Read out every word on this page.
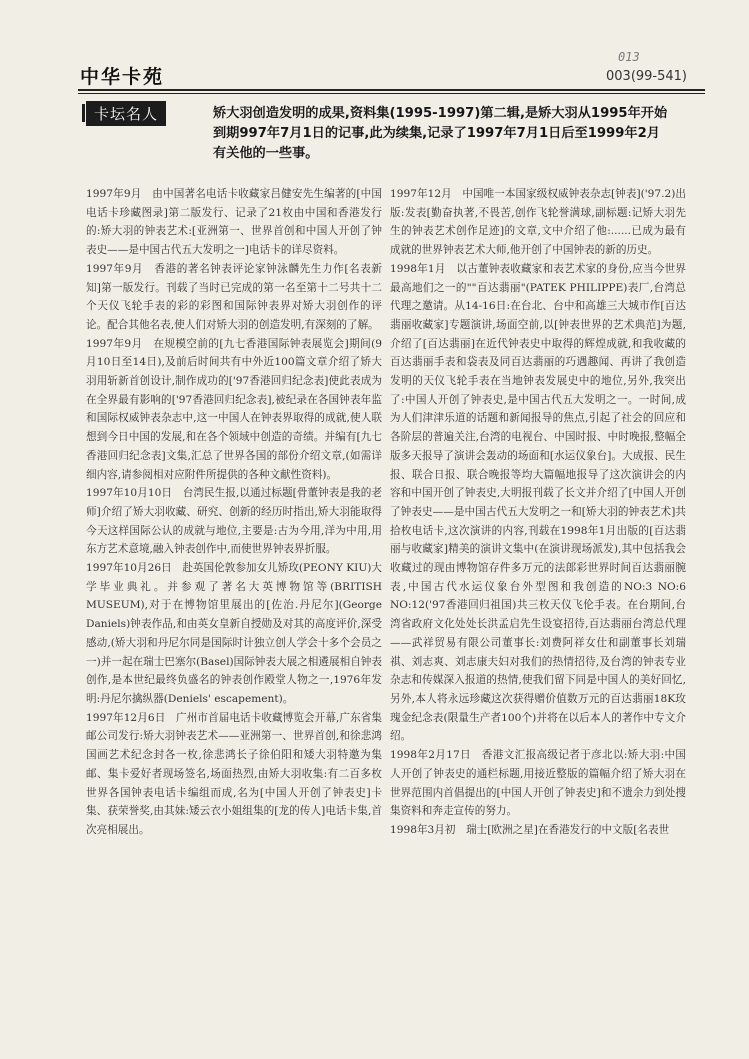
中华卡苑
013
003(99-541)
卡坛名人	矫大羽创造发明的成果,资料集(1995-1997)第二辑,是矫大羽从1995年开始到期997年7月1日的记事,此为续集,记录了1997年7月1日后至1999年2月有关他的一些事。

1997年9月　由中国著名电话卡收藏家吕健安先生编著的[中国电话卡珍藏图录]第二版发行、记录了21枚由中国和香港发行的:矫大羽的钟表艺术:[亚洲第一、世界首创和中国人开创了钟表史——是中国古代五大发明之一]电话卡的详尽资料。

1997年9月　香港的著名钟表评论家钟泳麟先生力作[名表新知]第一版发行。刊载了当时已完成的第一名至第十二号共十二个天仪飞轮手表的彩的彩图和国际钟表界对矫大羽创作的评论。配合其他名表,使人们对矫大羽的创造发明,有深刻的了解。

1997年9月　在规模空前的[九七香港国际钟表展览会]期间(9月10日至14日),及前后时间共有中外近100篇文章介绍了矫大羽用斩新首创设计,制作成功的['97香港回归纪念表]使此表成为在全界最有影响的['97香港回归纪念表],被纪录在各国钟表年监和国际权威钟表杂志中,这一中国人在钟表界取得的成就,使人联想到今日中国的发展,和在各个领域中创造的奇绩。并编有[九七香港回归纪念表]文集,汇总了世界各国的部份介绍文章,(如需详细内容,请参阅相对应附件所提供的各种文献性资料)。

1997年10月10日　台湾民生报,以通过标题[骨董钟表是我的老师]介绍了矫大羽收藏、研究、创新的经历时指出,矫大羽能取得今天这样国际公认的成就与地位,主要是:古为今用,洋为中用,用东方艺术意境,融入钟表创作中,而使世界钟表界折服。

1997年10月26日　赴英国伦敦参加女儿矫玫(PEONY KIU)大学毕业典礼。并参观了著名大英博物馆等(BRITISH MUSEUM),对于在博物馆里展出的[佐治.丹尼尔](George Daniels)钟表作品,和由英女皇新自授勋及对其的高度评价,深受感动,(矫大羽和丹尼尔同是国际时计独立创人学会十多个会员之一)并一起在瑞士巴塞尔(Basel)国际钟表大展之相遴展相自钟表创作,是本世纪最终负盛名的钟表创作殿堂人物之一,1976年发明:丹尼尔擒纵器(Deniels' escapement)。

1997年12月6日　广州市首届电话卡收藏博览会开幕,广东省集邮公司发行:矫大羽钟表艺术——亚洲第一、世界首创,和徐悲鸿国画艺术纪念封各一枚,徐悲鸿长子徐伯阳和矮大羽特邀为集邮、集卡爱好者现场签名,场面热烈,由矫大羽收集:有二百多枚世界各国钟表电话卡编组而成,名为[中国人开创了钟表史]卡集、获荣誉奖,由其妹:矮云衣小姐组集的[龙的传人]电话卡集,首次亮相展出。

1997年12月　中国唯一本国家级权威钟表杂志[钟表]('97.2)出版:发表[勤奋执著,不畏苦,创作飞轮誉满球,副标题:记矫大羽先生的钟表艺术创作足迹]的文章,文中介绍了他:......已成为最有成就的世界钟表艺术大师,他开创了中国钟表的新的历史。

1998年1月　以古董钟表收藏家和表艺术家的身份,应当今世界最高地们之一的""百达翡丽"(PATEK PHILIPPE)表厂,台湾总代理之邀请。从14-16日:在台北、台中和高雄三大城市作[百达翡丽收藏家]专题演讲,场面空前,以[钟表世界的艺术典范]为题,介绍了[百达翡丽]在近代钟表史中取得的辉煌成就,和我收藏的百达翡丽手表和袋表及同百达翡丽的巧遇趣闻、再讲了我创造发明的天仪飞轮手表在当地钟表发展史中的地位,另外,我突出了:中国人开创了钟表史,是中国古代五大发明之一。一时间,成为人们津津乐道的话题和新闻报导的焦点,引起了社会的回应和各阶层的普遍关注,台湾的电视台、中国时报、中时晚报,整幅全版多天报导了演讲会轰动的场面和[水运仪象台]。大成报、民生报、联合日报、联合晚报等均大篇幅地报导了这次演讲会的内容和中国开创了钟表史,大明报刊载了长文并介绍了[中国人开创了钟表史——是中国古代五大发明之一和[矫大羽的钟表艺术]共拾枚电话卡,这次演讲的内容,刊载在1998年1月出版的[百达翡丽与收藏家]精美的演讲文集中(在演讲现场派发),其中包括我会收藏过的现由博物馆存件多万元的法郎彩世界时间百达翡丽腕表,中国古代水运仪象台外型图和我创造的NO:3 NO:6 NO:12('97香港回归祖国)共三枚天仪飞伦手表。在台期间,台湾省政府文化处处长洪孟启先生设宴招待,百达翡丽台湾总代理——武祥贸易有限公司董事长:刘费阿祥女仕和副董事长刘瑞祺、刘志爽、刘志康夫妇对我们的热情招待,及台湾的钟表专业杂志和传媒深入报道的热情,使我们留下同是中国人的美好回忆,另外,本人将永远珍藏这次获得赠价值数万元的百达翡丽18K玫瑰金纪念表(限量生产者100个)并将在以后本人的著作中专文介绍。

1998年2月17日　香港文汇报高级记者于彦北以:矫大羽:中国人开创了钟表史的通栏标题,用接近整版的篇幅介绍了矫大羽在世界范围内首倡提出的[中国人开创了钟表史]和不遗余力到处搜集资料和奔走宣传的努力。

1998年3月初　瑞士[欧洲之星]在香港发行的中文版[名表世
